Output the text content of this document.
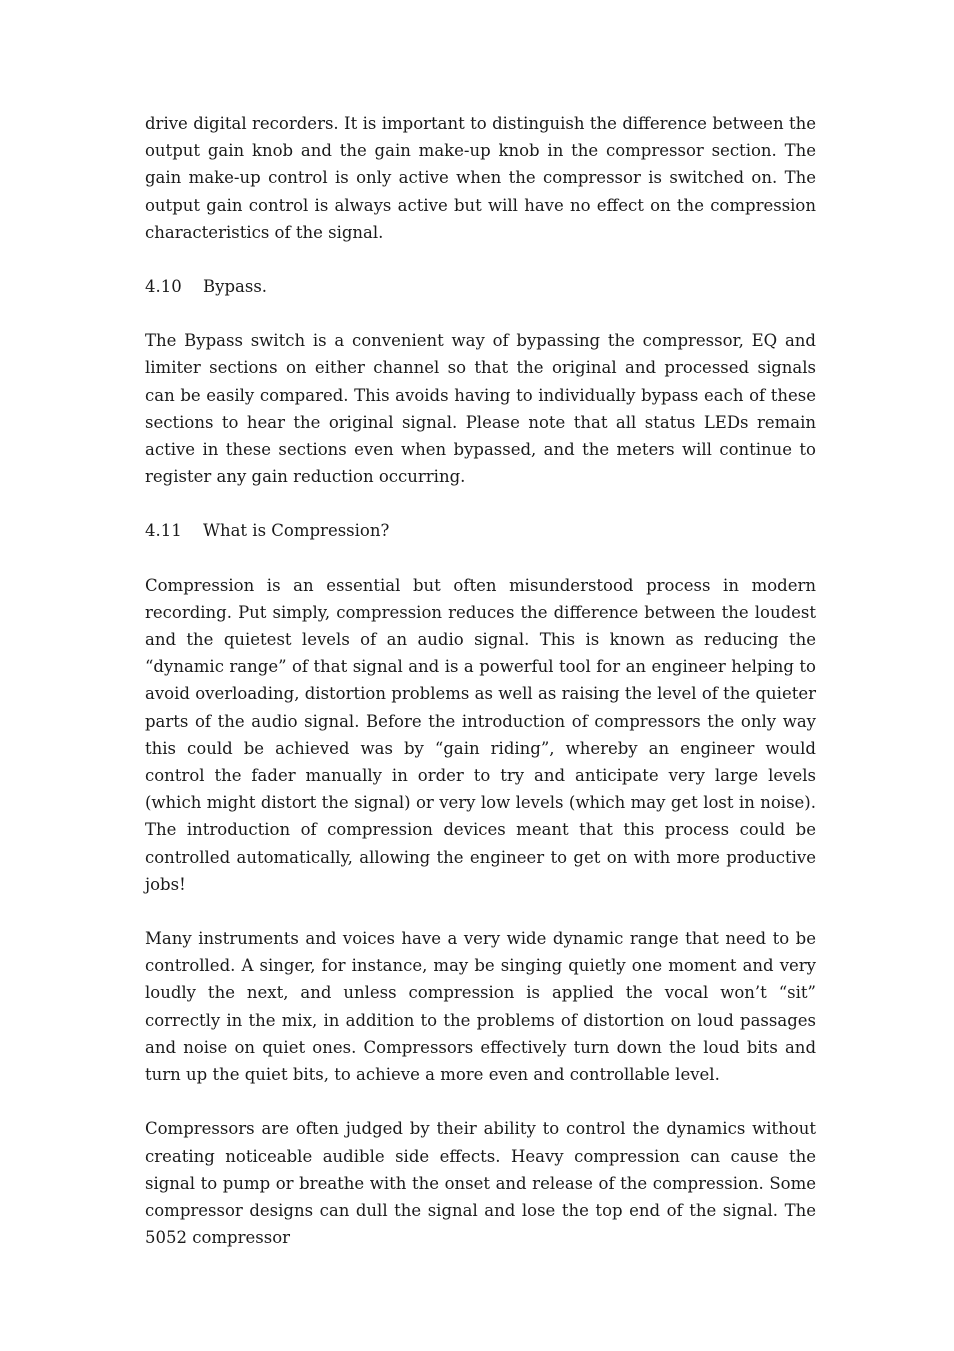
drive digital recorders. It is important to distinguish the difference between the output gain knob and the gain make-up knob in the compressor section. The gain make-up control is only active when the compressor is switched on. The output gain control is always active but will have no effect on the compression characteristics of the signal.

4.10	Bypass.

The Bypass switch is a convenient way of bypassing the compressor, EQ and limiter sections on either channel so that the original and processed signals can be easily compared. This avoids having to individually bypass each of these sections to hear the original signal. Please note that all status LEDs remain active in these sections even when bypassed, and the meters will continue to register any gain reduction occurring.

4.11	What is Compression?

Compression is an essential but often misunderstood process in modern recording. Put simply, compression reduces the difference between the loudest and the quietest levels of an audio signal. This is known as reducing the “dynamic range” of that signal and is a powerful tool for an engineer helping to avoid overloading, distortion problems as well as raising the level of the quieter parts of the audio signal. Before the introduction of compressors the only way this could be achieved was by “gain riding”, whereby an engineer would control the fader manually in order to try and anticipate very large levels (which might distort the signal) or very low levels (which may get lost in noise). The introduction of compression devices meant that this process could be controlled automatically, allowing the engineer to get on with more productive jobs!

Many instruments and voices have a very wide dynamic range that need to be controlled. A singer, for instance, may be singing quietly one moment and very loudly the next, and unless compression is applied the vocal won’t “sit” correctly in the mix, in addition to the problems of distortion on loud passages and noise on quiet ones. Compressors effectively turn down the loud bits and turn up the quiet bits, to achieve a more even and controllable level.

Compressors are often judged by their ability to control the dynamics without creating noticeable audible side effects. Heavy compression can cause the signal to pump or breathe with the onset and release of the compression. Some compressor designs can dull the signal and lose the top end of the signal. The 5052 compressor
